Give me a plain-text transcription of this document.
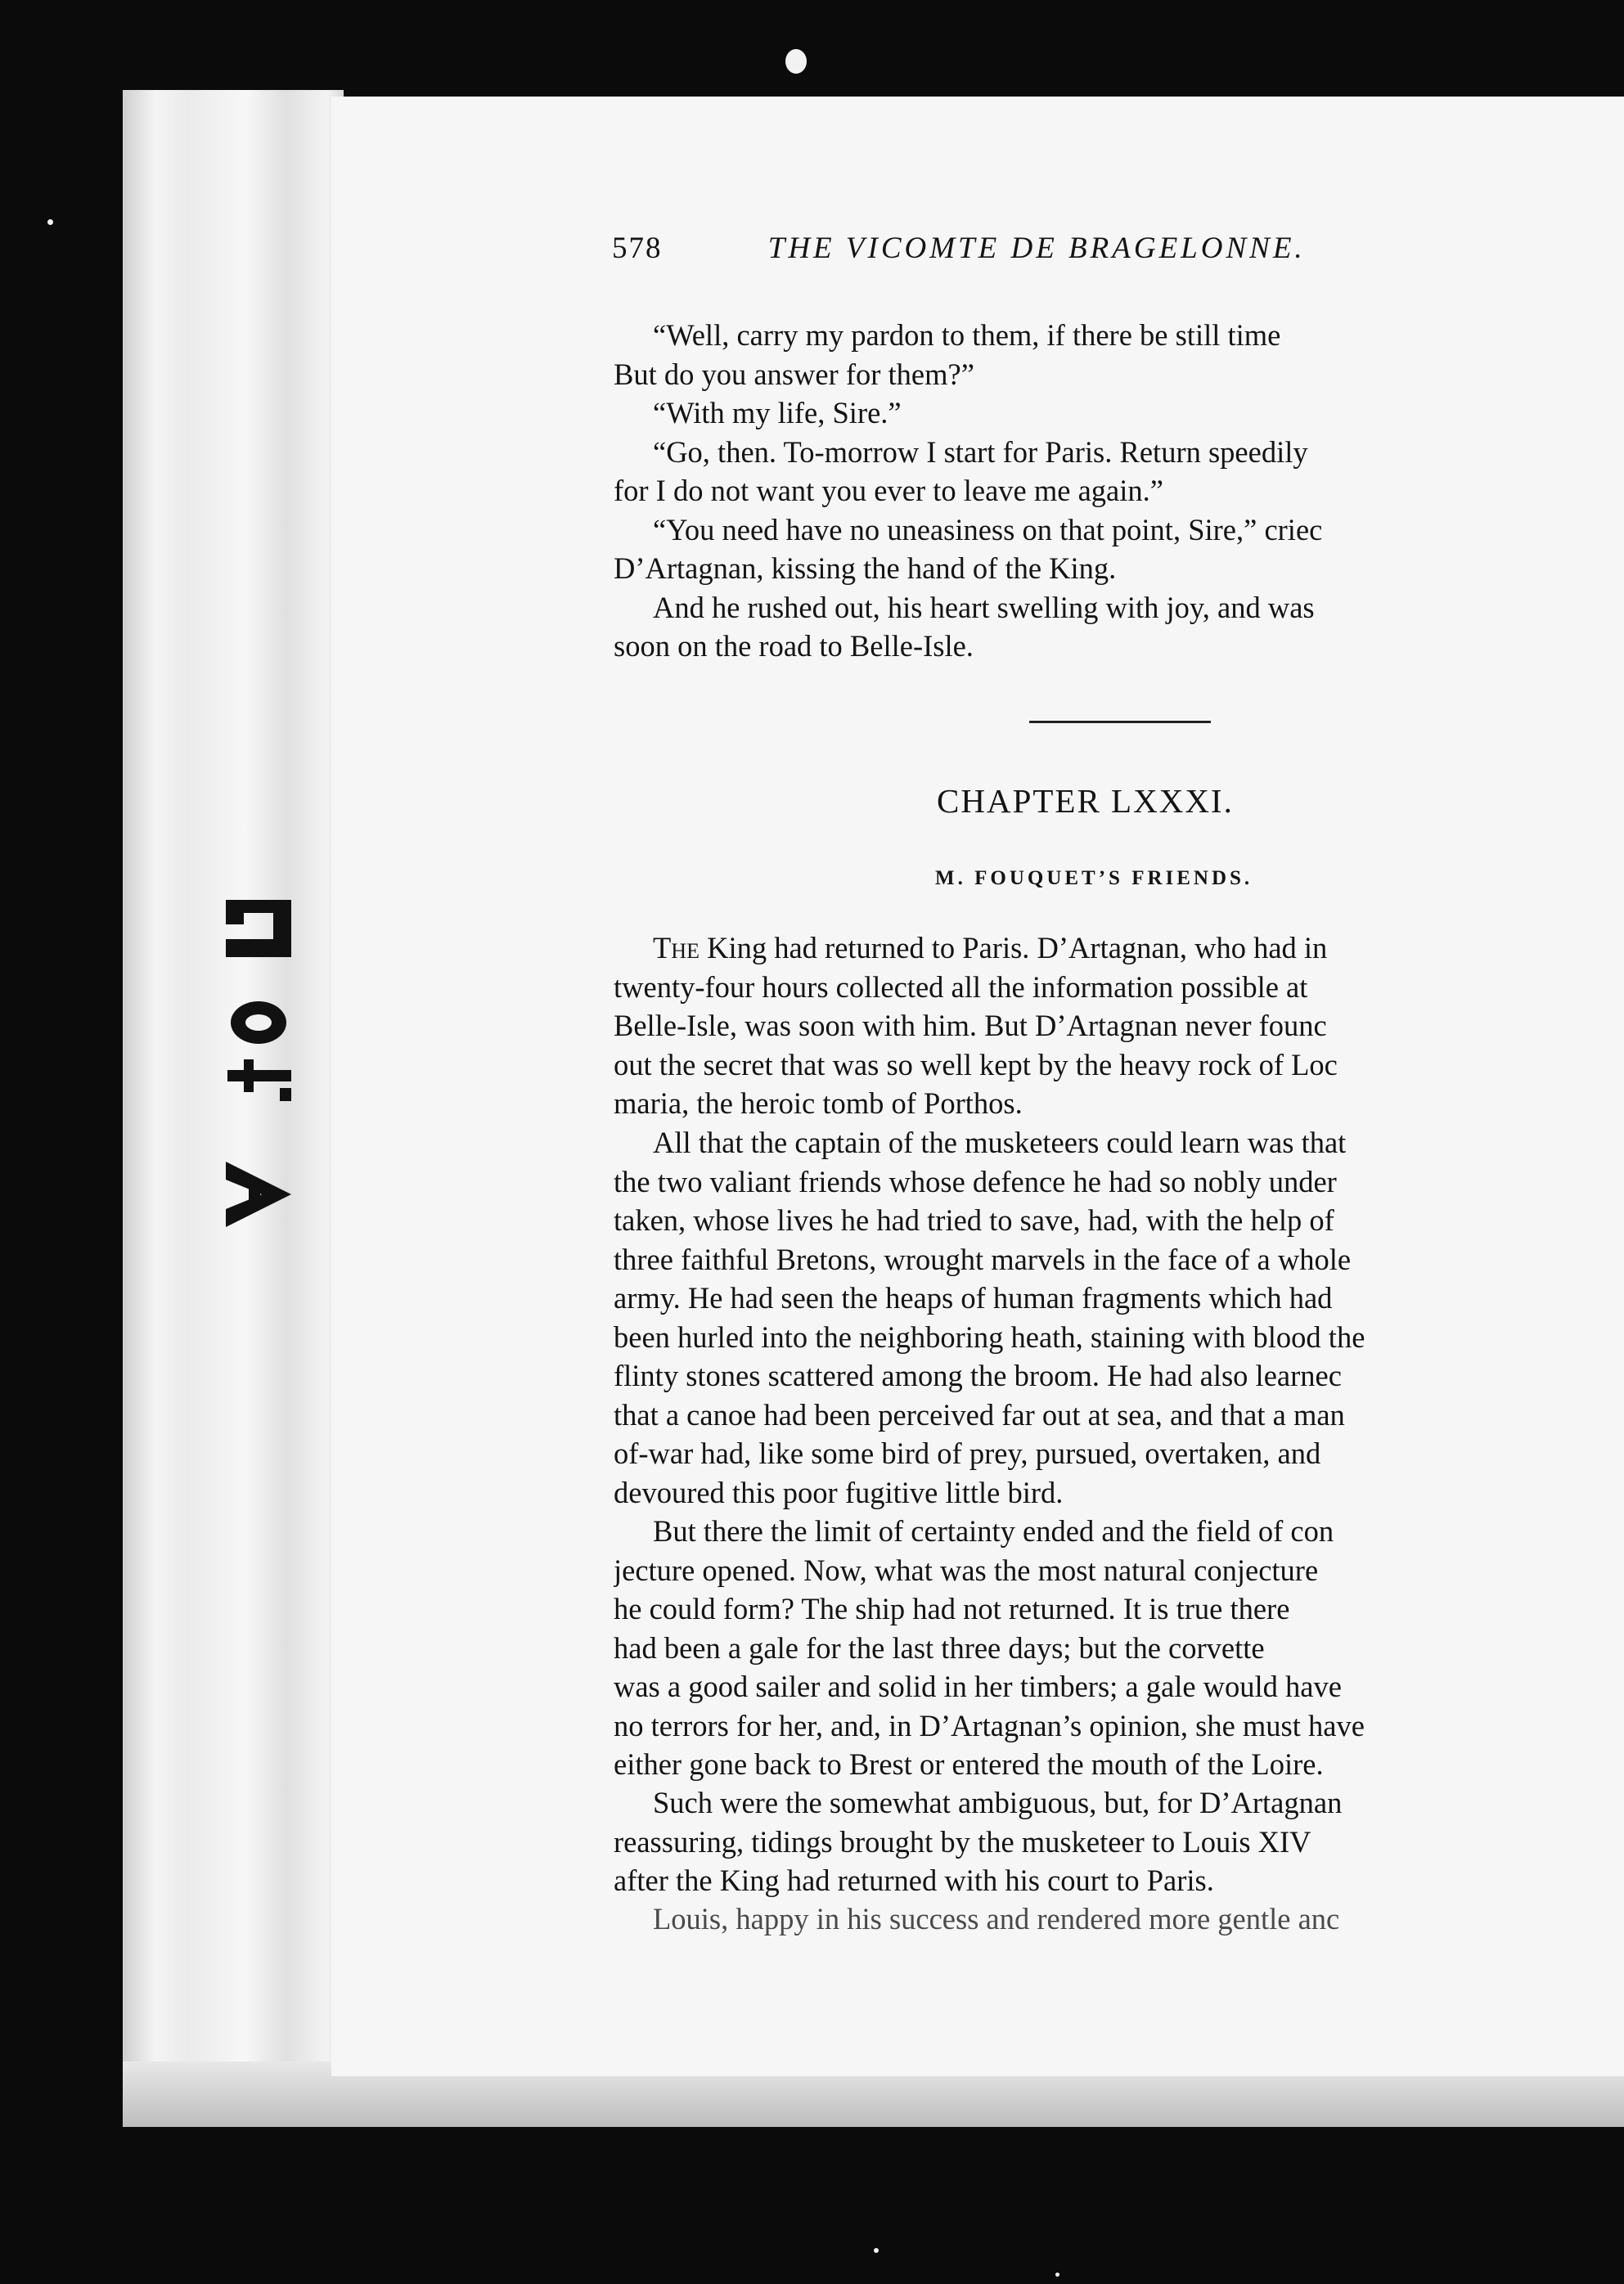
578	THE VICOMTE DE BRAGELONNE.
“Well, carry my pardon to them, if there be still time
But do you answer for them?”
“With my life, Sire.”
“Go, then. To-morrow I start for Paris. Return speedily
for I do not want you ever to leave me again.”
“You need have no uneasiness on that point, Sire,” criec
D’Artagnan, kissing the hand of the King.
And he rushed out, his heart swelling with joy, and was
soon on the road to Belle-Isle.
CHAPTER LXXXI.
M. FOUQUET’S FRIENDS.
The King had returned to Paris. D’Artagnan, who had in
twenty-four hours collected all the information possible at
Belle-Isle, was soon with him. But D’Artagnan never founc
out the secret that was so well kept by the heavy rock of Loc
maria, the heroic tomb of Porthos.
All that the captain of the musketeers could learn was that
the two valiant friends whose defence he had so nobly under
taken, whose lives he had tried to save, had, with the help of
three faithful Bretons, wrought marvels in the face of a whole
army. He had seen the heaps of human fragments which had
been hurled into the neighboring heath, staining with blood the
flinty stones scattered among the broom. He had also learnec
that a canoe had been perceived far out at sea, and that a man
of-war had, like some bird of prey, pursued, overtaken, and
devoured this poor fugitive little bird.
But there the limit of certainty ended and the field of con
jecture opened. Now, what was the most natural conjecture
he could form? The ship had not returned. It is true there
had been a gale for the last three days; but the corvette
was a good sailer and solid in her timbers; a gale would have
no terrors for her, and, in D’Artagnan’s opinion, she must have
either gone back to Brest or entered the mouth of the Loire.
Such were the somewhat ambiguous, but, for D’Artagnan
reassuring, tidings brought by the musketeer to Louis XIV
after the King had returned with his court to Paris.
Louis, happy in his success and rendered more gentle anc
